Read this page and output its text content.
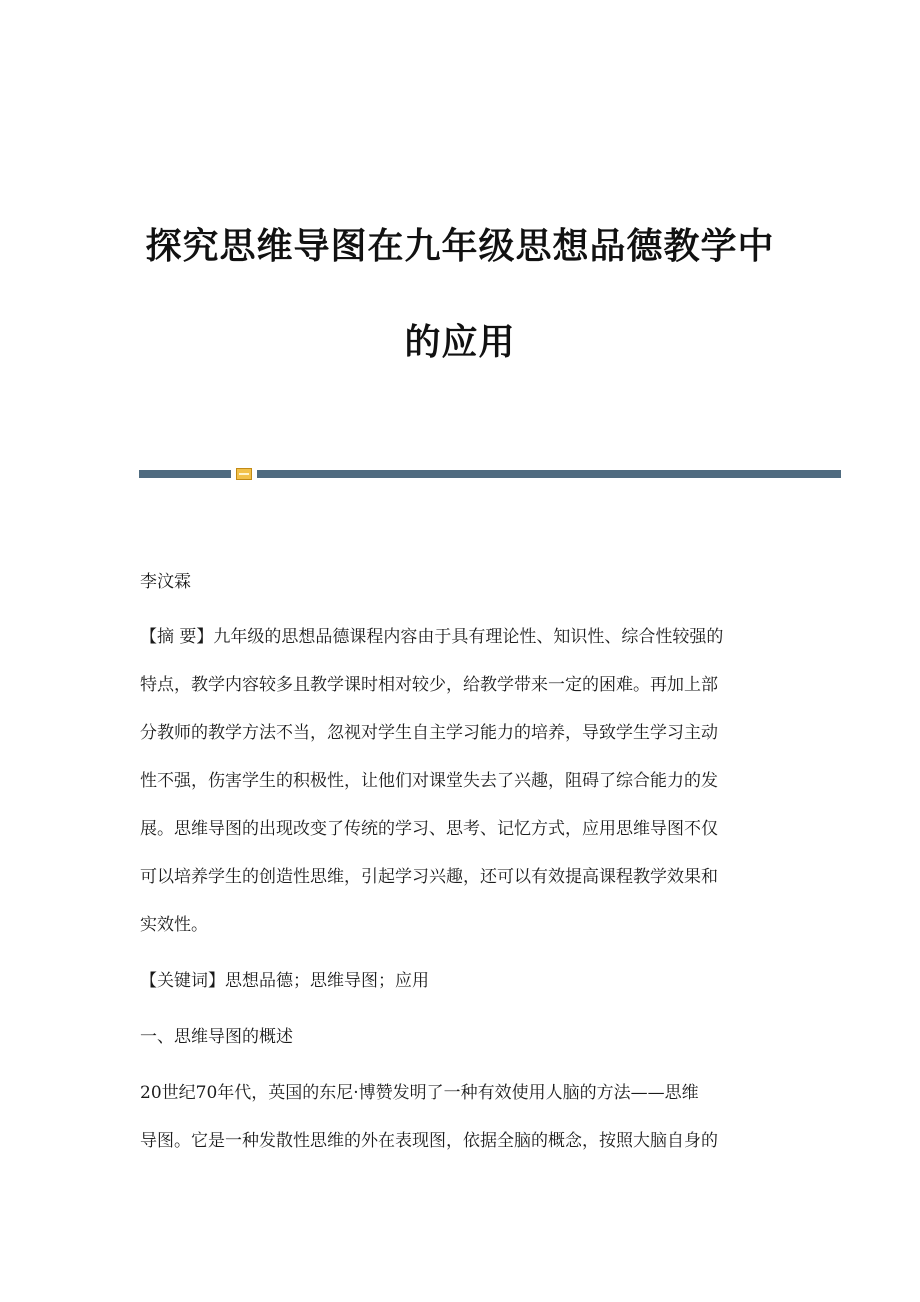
探究思维导图在九年级思想品德教学中
的应用
李汶霖
【摘 要】九年级的思想品德课程内容由于具有理论性、知识性、综合性较强的
特点，教学内容较多且教学课时相对较少，给教学带来一定的困难。再加上部
分教师的教学方法不当，忽视对学生自主学习能力的培养，导致学生学习主动
性不强，伤害学生的积极性，让他们对课堂失去了兴趣，阻碍了综合能力的发
展。思维导图的出现改变了传统的学习、思考、记忆方式，应用思维导图不仅
可以培养学生的创造性思维，引起学习兴趣，还可以有效提高课程教学效果和
实效性。
【关键词】思想品德；思维导图；应用
一、思维导图的概述
20世纪70年代，英国的东尼·博赞发明了一种有效使用人脑的方法——思维
导图。它是一种发散性思维的外在表现图，依据全脑的概念，按照大脑自身的
